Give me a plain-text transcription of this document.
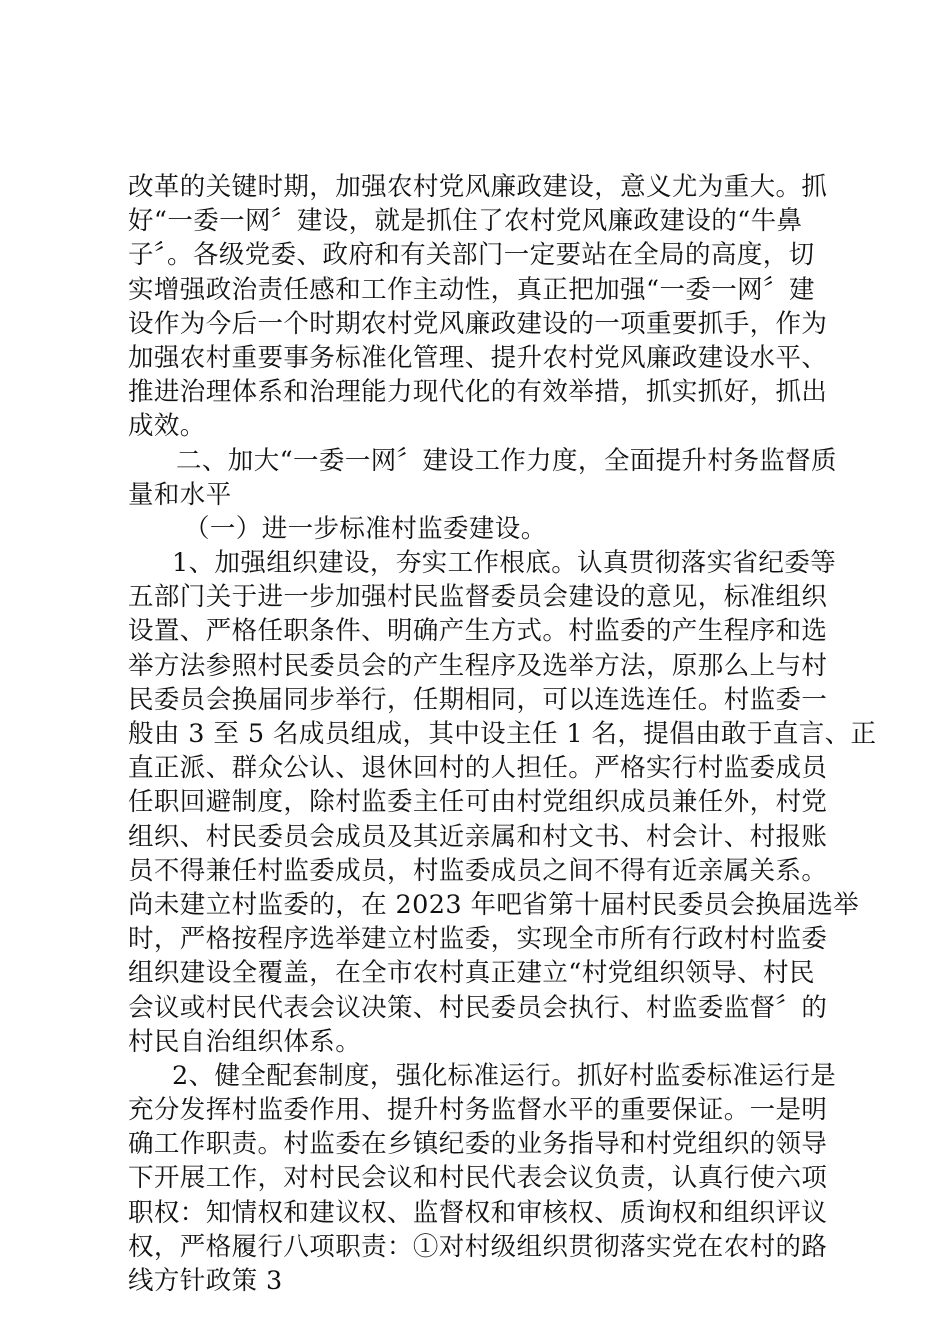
改革的关键时期，加强农村党风廉政建设，意义尤为重大。抓
好“一委一网〞建设，就是抓住了农村党风廉政建设的“牛鼻
子〞。各级党委、政府和有关部门一定要站在全局的高度，切
实增强政治责任感和工作主动性，真正把加强“一委一网〞建
设作为今后一个时期农村党风廉政建设的一项重要抓手，作为
加强农村重要事务标准化管理、提升农村党风廉政建设水平、
推进治理体系和治理能力现代化的有效举措，抓实抓好，抓出
成效。
二、加大“一委一网〞建设工作力度，全面提升村务监督质
量和水平
（一）进一步标准村监委建设。
1、加强组织建设，夯实工作根底。认真贯彻落实省纪委等
五部门关于进一步加强村民监督委员会建设的意见，标准组织
设置、严格任职条件、明确产生方式。村监委的产生程序和选
举方法参照村民委员会的产生程序及选举方法，原那么上与村
民委员会换届同步举行，任期相同，可以连选连任。村监委一
般由 3 至 5 名成员组成，其中设主任 1 名，提倡由敢于直言、正
直正派、群众公认、退休回村的人担任。严格实行村监委成员
任职回避制度，除村监委主任可由村党组织成员兼任外，村党
组织、村民委员会成员及其近亲属和村文书、村会计、村报账
员不得兼任村监委成员，村监委成员之间不得有近亲属关系。
尚未建立村监委的，在 2023 年吧省第十届村民委员会换届选举
时，严格按程序选举建立村监委，实现全市所有行政村村监委
组织建设全覆盖，在全市农村真正建立“村党组织领导、村民
会议或村民代表会议决策、村民委员会执行、村监委监督〞的
村民自治组织体系。
2、健全配套制度，强化标准运行。抓好村监委标准运行是
充分发挥村监委作用、提升村务监督水平的重要保证。一是明
确工作职责。村监委在乡镇纪委的业务指导和村党组织的领导
下开展工作，对村民会议和村民代表会议负责，认真行使六项
职权：知情权和建议权、监督权和审核权、质询权和组织评议
权，严格履行八项职责：①对村级组织贯彻落实党在农村的路
线方针政策 3
